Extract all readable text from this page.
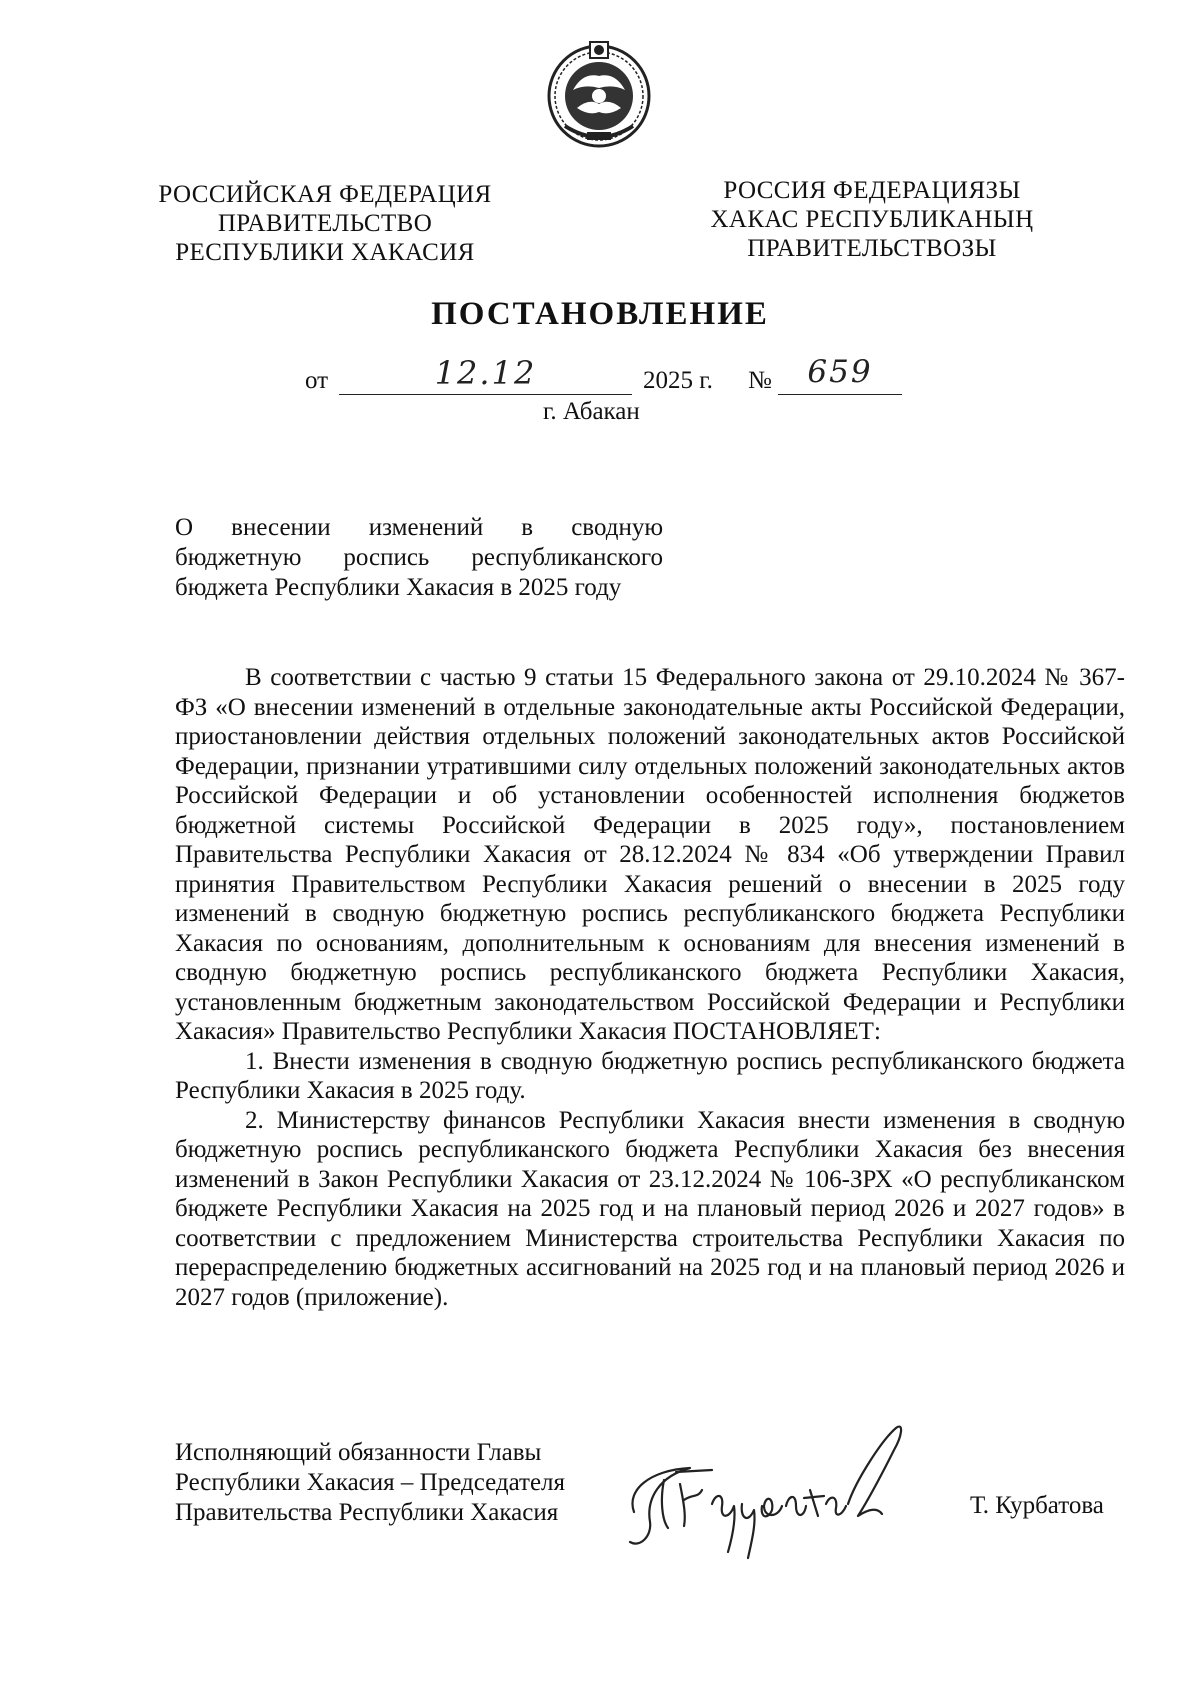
РОССИЙСКАЯ ФЕДЕРАЦИЯ
ПРАВИТЕЛЬСТВО
РЕСПУБЛИКИ ХАКАСИЯ
РОССИЯ ФЕДЕРАЦИЯЗЫ
ХАКАС РЕСПУБЛИКАНЫҢ
ПРАВИТЕЛЬСТВОЗЫ
ПОСТАНОВЛЕНИЕ
от	12.12	2025 г. №	659
г. Абакан
О внесении изменений в сводную
бюджетную роспись республиканского
бюджета Республики Хакасия в 2025 году

В соответствии с частью 9 статьи 15 Федерального закона от 29.10.2024 № 367-ФЗ «О внесении изменений в отдельные законодательные акты Российской Федерации, приостановлении действия отдельных положений законодательных актов Российской Федерации, признании утратившими силу отдельных положений законодательных актов Российской Федерации и об установлении особенностей исполнения бюджетов бюджетной системы Российской Федерации в 2025 году», постановлением Правительства Республики Хакасия от 28.12.2024 № 834 «Об утверждении Правил принятия Правительством Республики Хакасия решений о внесении в 2025 году изменений в сводную бюджетную роспись республиканского бюджета Республики Хакасия по основаниям, дополнительным к основаниям для внесения изменений в сводную бюджетную роспись республиканского бюджета Республики Хакасия, установленным бюджетным законодательством Российской Федерации и Республики Хакасия» Правительство Республики Хакасия ПОСТАНОВЛЯЕТ:

1. Внести изменения в сводную бюджетную роспись республиканского бюджета Республики Хакасия в 2025 году.

2. Министерству финансов Республики Хакасия внести изменения в сводную бюджетную роспись республиканского бюджета Республики Хакасия без внесения изменений в Закон Республики Хакасия от 23.12.2024 № 106-ЗРХ «О республиканском бюджете Республики Хакасия на 2025 год и на плановый период 2026 и 2027 годов» в соответствии с предложением Министерства строительства Республики Хакасия по перераспределению бюджетных ассигнований на 2025 год и на плановый период 2026 и 2027 годов (приложение).

Исполняющий обязанности Главы
Республики Хакасия – Председателя
Правительства Республики Хакасия	Т. Курбатова
